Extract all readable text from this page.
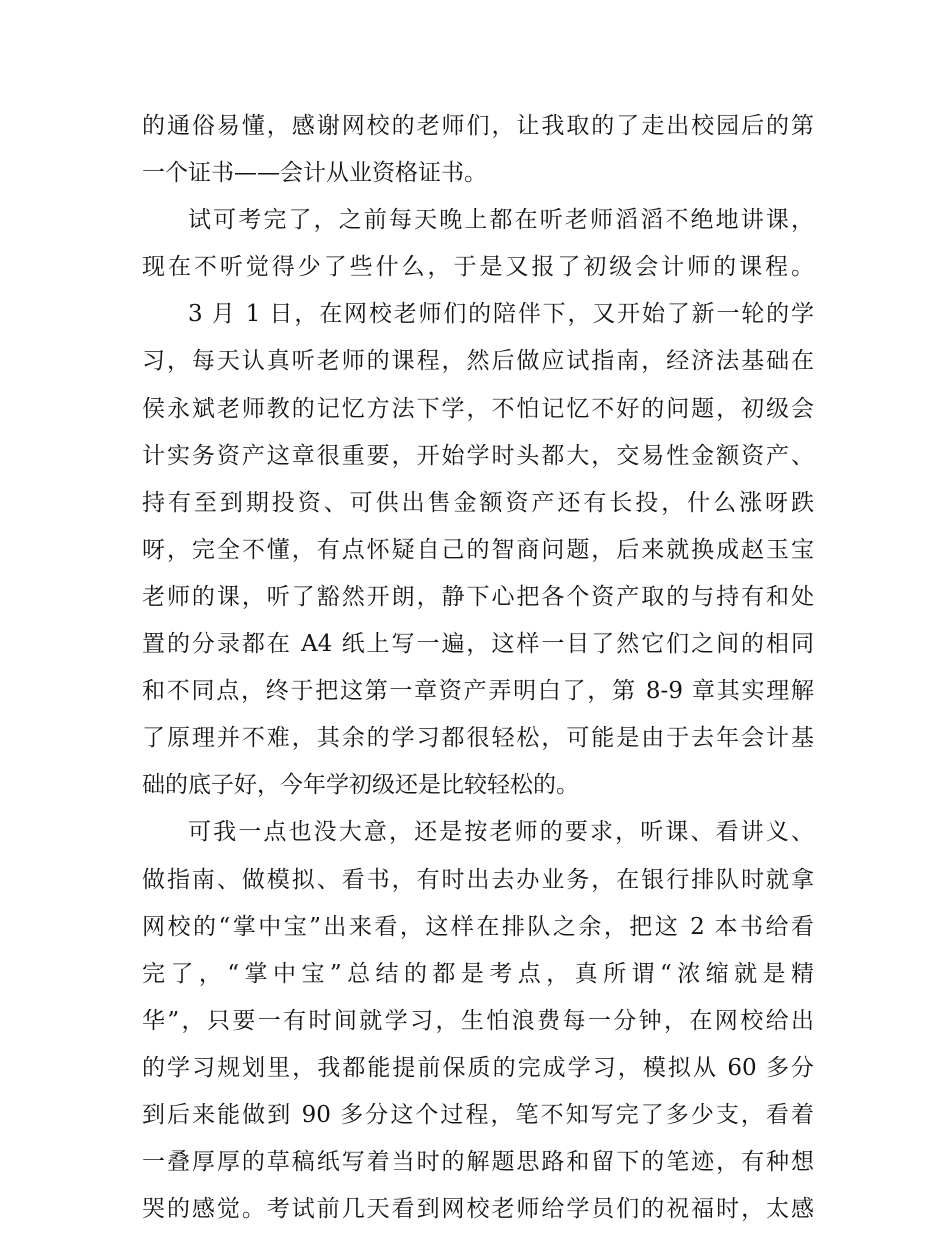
的通俗易懂，感谢网校的老师们，让我取的了走出校园后的第
一个证书——会计从业资格证书。
试可考完了，之前每天晚上都在听老师滔滔不绝地讲课，
现在不听觉得少了些什么，于是又报了初级会计师的课程。
3 月 1 日，在网校老师们的陪伴下，又开始了新一轮的学
习，每天认真听老师的课程，然后做应试指南，经济法基础在
侯永斌老师教的记忆方法下学，不怕记忆不好的问题，初级会
计实务资产这章很重要，开始学时头都大，交易性金额资产、
持有至到期投资、可供出售金额资产还有长投，什么涨呀跌
呀，完全不懂，有点怀疑自己的智商问题，后来就换成赵玉宝
老师的课，听了豁然开朗，静下心把各个资产取的与持有和处
置的分录都在 A4 纸上写一遍，这样一目了然它们之间的相同
和不同点，终于把这第一章资产弄明白了，第 8-9 章其实理解
了原理并不难，其余的学习都很轻松，可能是由于去年会计基
础的底子好，今年学初级还是比较轻松的。
可我一点也没大意，还是按老师的要求，听课、看讲义、
做指南、做模拟、看书，有时出去办业务，在银行排队时就拿
网校的“掌中宝”出来看，这样在排队之余，把这 2 本书给看
完了，“掌中宝”总结的都是考点，真所谓“浓缩就是精
华”，只要一有时间就学习，生怕浪费每一分钟，在网校给出
的学习规划里，我都能提前保质的完成学习，模拟从 60 多分
到后来能做到 90 多分这个过程，笔不知写完了多少支，看着
一叠厚厚的草稿纸写着当时的解题思路和留下的笔迹，有种想
哭的感觉。考试前几天看到网校老师给学员们的祝福时，太感
